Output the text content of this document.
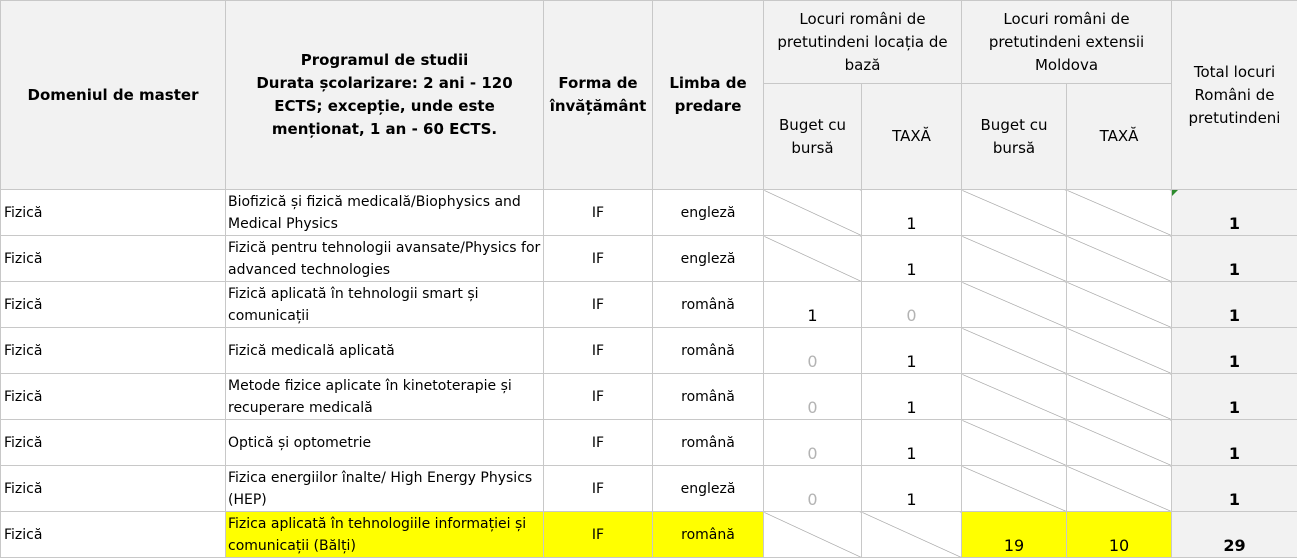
Domeniul de master	Programul de studii
Durata școlarizare: 2 ani - 120 ECTS; excepție, unde este menționat, 1 an - 60 ECTS.	Forma de învățământ	Limba de predare	Locuri români de pretutindeni locația de bază		Locuri români de pretutindeni extensii Moldova		Total locuri Români de pretutindeni
				Buget cu bursă	TAXĂ	Buget cu bursă	TAXĂ	
Fizică	Biofizică și fizică medicală/Biophysics and Medical Physics	IF	engleză		1			1
Fizică	Fizică pentru tehnologii avansate/Physics for advanced technologies	IF	engleză		1			1
Fizică	Fizică aplicată în tehnologii smart și comunicații	IF	română	1	0			1
Fizică	Fizică medicală aplicată	IF	română	0	1			1
Fizică	Metode fizice aplicate în kinetoterapie și recuperare medicală	IF	română	0	1			1
Fizică	Optică și optometrie	IF	română	0	1			1
Fizică	Fizica energiilor înalte/ High Energy Physics (HEP)	IF	engleză	0	1			1
Fizică	Fizica aplicată în tehnologiile informației și comunicații (Bălți)	IF	română			19	10	29
